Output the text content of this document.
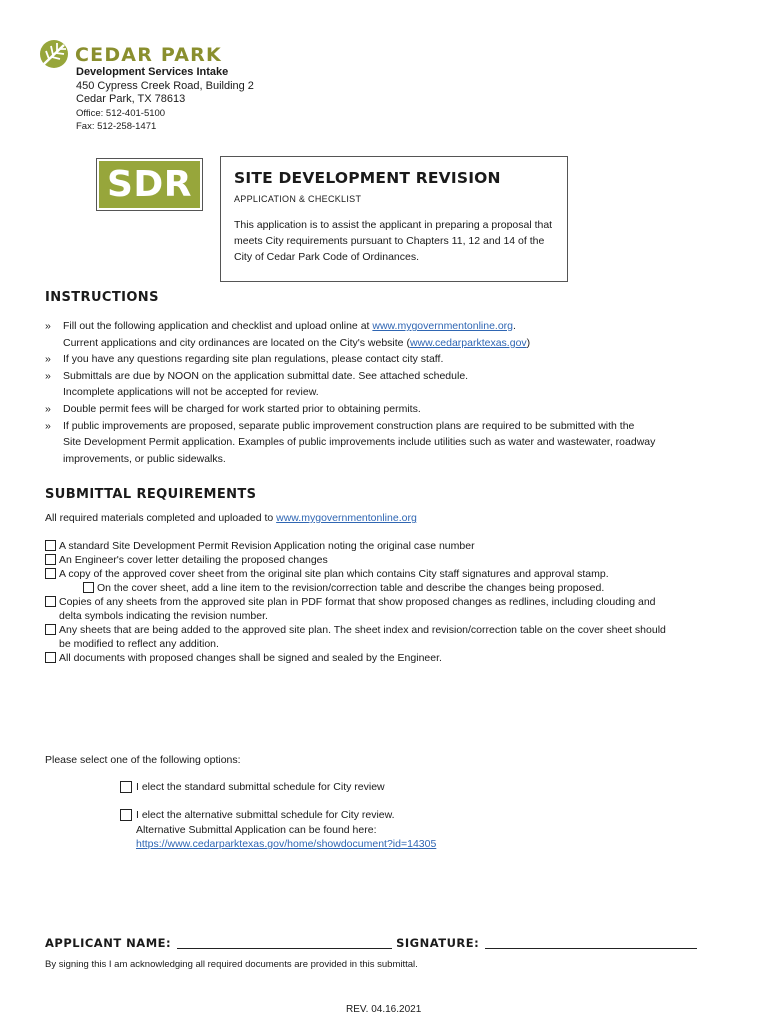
CEDAR PARK
Development Services Intake
450 Cypress Creek Road, Building 2
Cedar Park, TX 78613
Office: 512-401-5100
Fax: 512-258-1471
SDR	SITE DEVELOPMENT REVISION
APPLICATION & CHECKLIST
This application is to assist the applicant in preparing a proposal that meets City requirements pursuant to Chapters 11, 12 and 14 of the City of Cedar Park Code of Ordinances.
INSTRUCTIONS
» Fill out the following application and checklist and upload online at www.mygovernmentonline.org.
Current applications and city ordinances are located on the City's website (www.cedarparktexas.gov)
» If you have any questions regarding site plan regulations, please contact city staff.
» Submittals are due by NOON on the application submittal date. See attached schedule.
Incomplete applications will not be accepted for review.
» Double permit fees will be charged for work started prior to obtaining permits.
» If public improvements are proposed, separate public improvement construction plans are required to be submitted with the
Site Development Permit application. Examples of public improvements include utilities such as water and wastewater, roadway
improvements, or public sidewalks.
SUBMITTAL REQUIREMENTS
All required materials completed and uploaded to www.mygovernmentonline.org
A standard Site Development Permit Revision Application noting the original case number
An Engineer's cover letter detailing the proposed changes
A copy of the approved cover sheet from the original site plan which contains City staff signatures and approval stamp.
On the cover sheet, add a line item to the revision/correction table and describe the changes being proposed.
Copies of any sheets from the approved site plan in PDF format that show proposed changes as redlines, including clouding and
delta symbols indicating the revision number.
Any sheets that are being added to the approved site plan. The sheet index and revision/correction table on the cover sheet should
be modified to reflect any addition.
All documents with proposed changes shall be signed and sealed by the Engineer.
Please select one of the following options:
I elect the standard submittal schedule for City review
I elect the alternative submittal schedule for City review.
Alternative Submittal Application can be found here:
https://www.cedarparktexas.gov/home/showdocument?id=14305
APPLICANT NAME:	SIGNATURE:
By signing this I am acknowledging all required documents are provided in this submittal.
REV. 04.16.2021
